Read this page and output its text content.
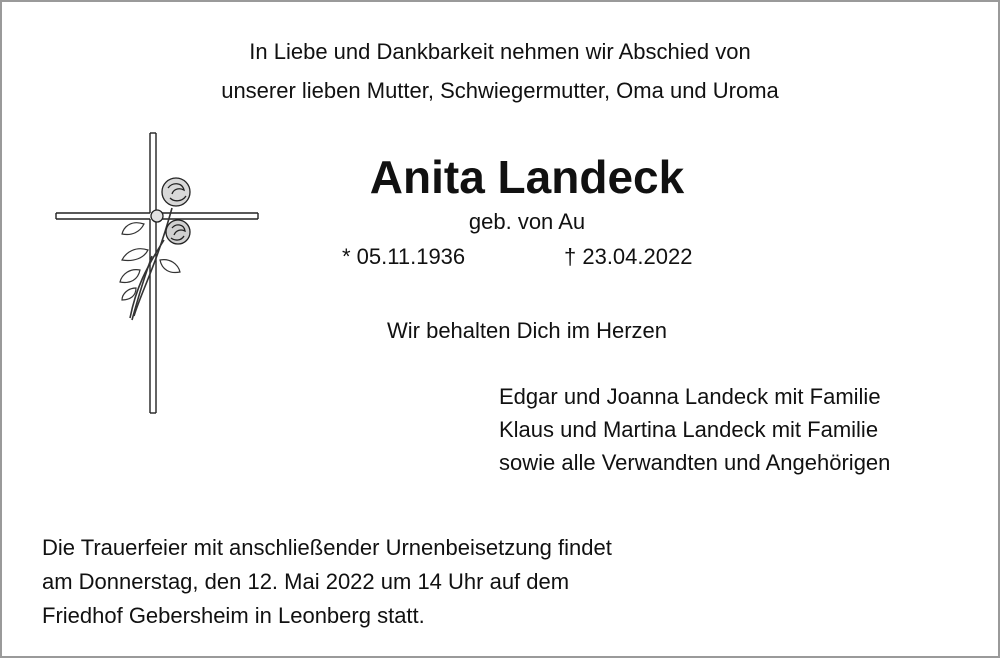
In Liebe und Dankbarkeit nehmen wir Abschied von
unserer lieben Mutter, Schwiegermutter, Oma und Uroma
Anita Landeck
geb. von Au
* 05.11.1936	† 23.04.2022
Wir behalten Dich im Herzen
Edgar und Joanna Landeck mit Familie
Klaus und Martina Landeck mit Familie
sowie alle Verwandten und Angehörigen
Die Trauerfeier mit anschließender Urnenbeisetzung findet
am Donnerstag, den 12. Mai 2022 um 14 Uhr auf dem
Friedhof Gebersheim in Leonberg statt.
